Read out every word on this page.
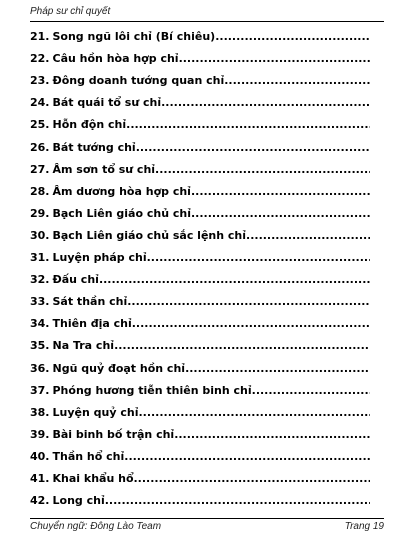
Pháp sư chỉ quyết
21. Song ngũ lôi chỉ (Bí chiêu)
.....
22. Câu hồn hòa hợp chỉ
.....
23. Đông doanh tướng quan chỉ
.....
24. Bát quái tổ sư chỉ
.....
25. Hỗn độn chỉ
.....
26. Bát tướng chỉ
.....
27. Âm sơn tổ sư chỉ
.....
28. Âm dương hòa hợp chỉ
.....
29. Bạch Liên giáo chủ chỉ
.....
30. Bạch Liên giáo chủ sắc lệnh chỉ
.....
31. Luyện pháp chỉ
.....
32. Đấu chỉ
.....
33. Sát thần chỉ
.....
34. Thiên địa chỉ
.....
35. Na Tra chỉ
.....
36. Ngũ quỷ đoạt hồn chỉ
.....
37. Phóng hương tiễn thiên binh chỉ
.....
38. Luyện quỷ chỉ
.....
39. Bài binh bố trận chỉ
.....
40. Thần hổ chỉ
.....
41. Khai khẩu hổ
.....
42. Long chỉ
.....
Chuyển ngữ: Đông Lào Team	Trang 19
